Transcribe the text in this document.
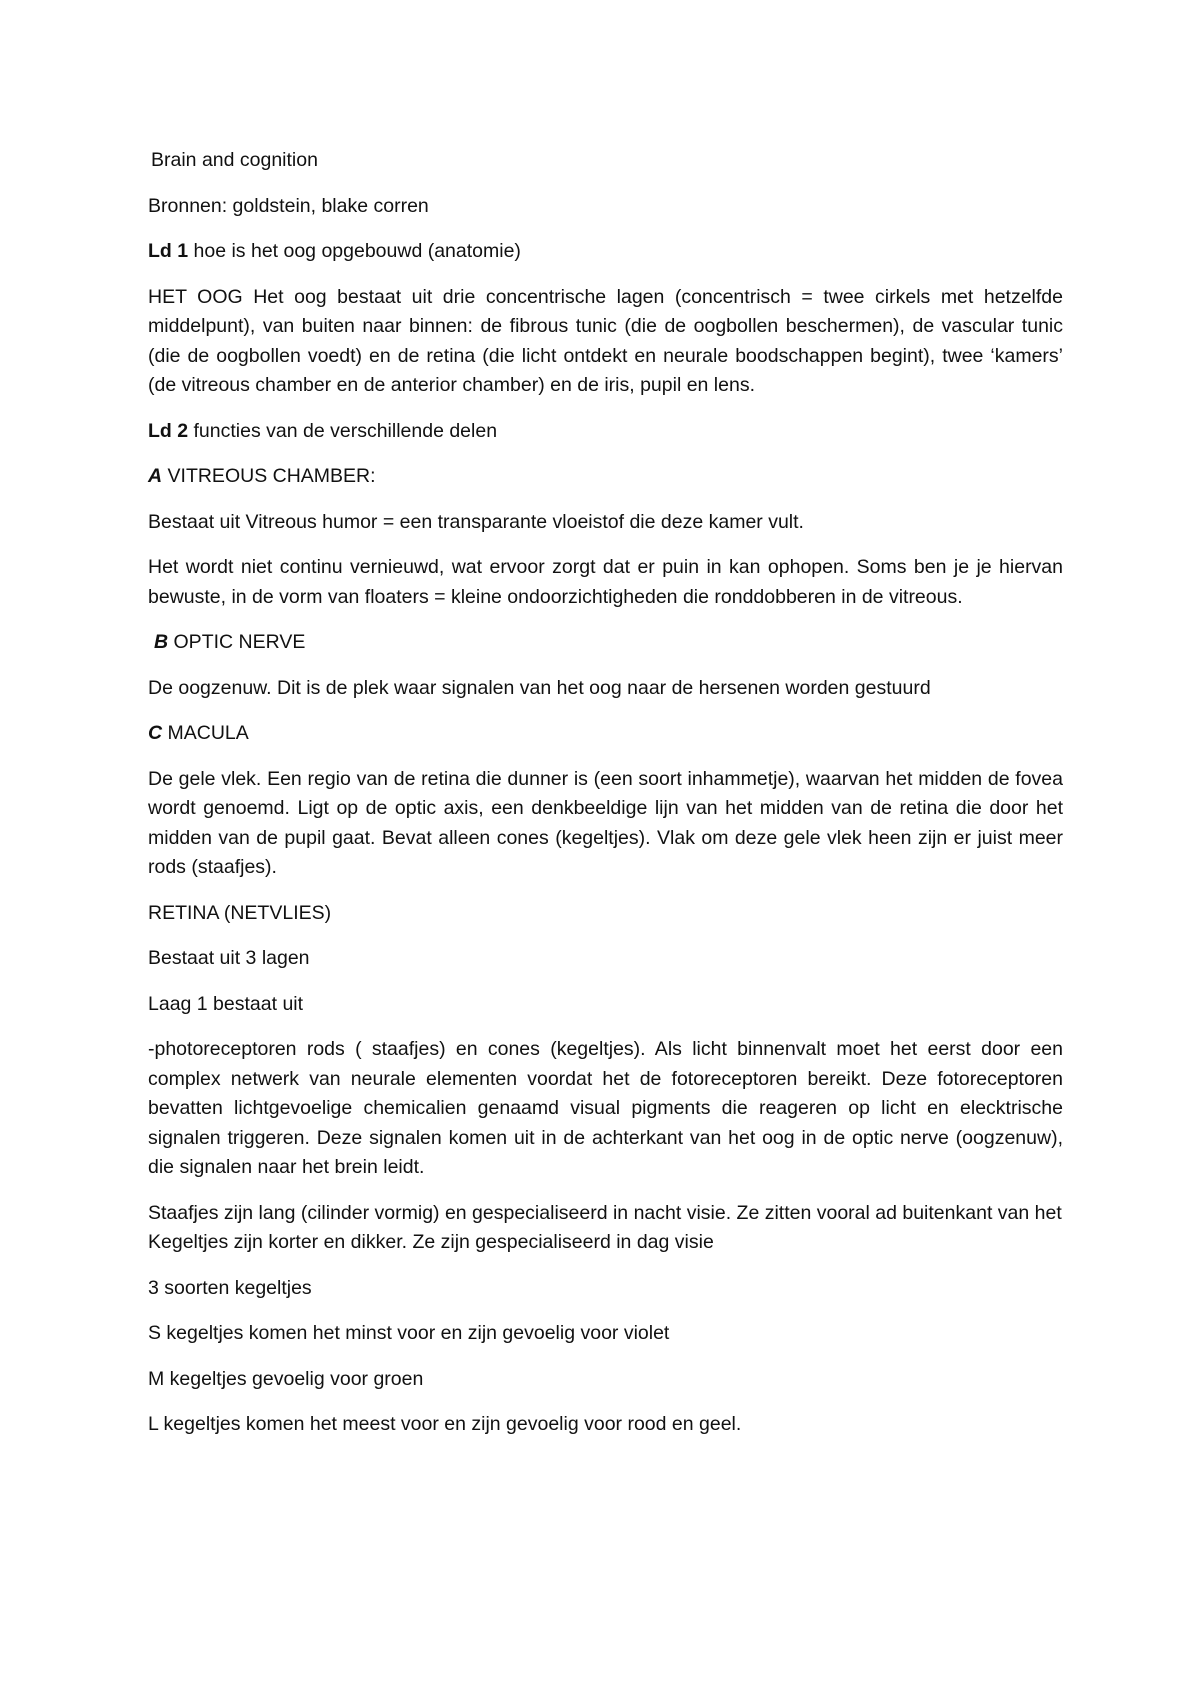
Brain and cognition

Bronnen: goldstein, blake corren

Ld 1 hoe is het oog opgebouwd (anatomie)

HET OOG Het oog bestaat uit drie concentrische lagen (concentrisch = twee cirkels met hetzelfde middelpunt), van buiten naar binnen: de fibrous tunic (die de oogbollen beschermen), de vascular tunic (die de oogbollen voedt) en de retina (die licht ontdekt en neurale boodschappen begint), twee ‘kamers’ (de vitreous chamber en de anterior chamber) en de iris, pupil en lens.

Ld 2 functies van de verschillende delen

A VITREOUS CHAMBER:

Bestaat uit Vitreous humor = een transparante vloeistof die deze kamer vult.

Het wordt niet continu vernieuwd, wat ervoor zorgt dat er puin in kan ophopen. Soms ben je je hiervan bewuste, in de vorm van floaters = kleine ondoorzichtigheden die ronddobberen in de vitreous.

B OPTIC NERVE

De oogzenuw. Dit is de plek waar signalen van het oog naar de hersenen worden gestuurd

C MACULA

De gele vlek. Een regio van de retina die dunner is (een soort inhammetje), waarvan het midden de fovea wordt genoemd. Ligt op de optic axis, een denkbeeldige lijn van het midden van de retina die door het midden van de pupil gaat. Bevat alleen cones (kegeltjes). Vlak om deze gele vlek heen zijn er juist meer rods (staafjes).

RETINA (NETVLIES)

Bestaat uit 3 lagen

Laag 1 bestaat uit

-photoreceptoren rods ( staafjes) en cones (kegeltjes). Als licht binnenvalt moet het eerst door een complex netwerk van neurale elementen voordat het de fotoreceptoren bereikt. Deze fotoreceptoren bevatten lichtgevoelige chemicalien genaamd visual pigments die reageren op licht en elecktrische signalen triggeren. Deze signalen komen uit in de achterkant van het oog in de optic nerve (oogzenuw), die signalen naar het brein leidt.

Staafjes zijn lang (cilinder vormig) en gespecialiseerd in nacht visie. Ze zitten vooral ad buitenkant van het Kegeltjes zijn korter en dikker. Ze zijn gespecialiseerd in dag visie

3 soorten kegeltjes

S kegeltjes komen het minst voor en zijn gevoelig voor violet

M kegeltjes gevoelig voor groen

L kegeltjes komen het meest voor en zijn gevoelig voor rood en geel.
